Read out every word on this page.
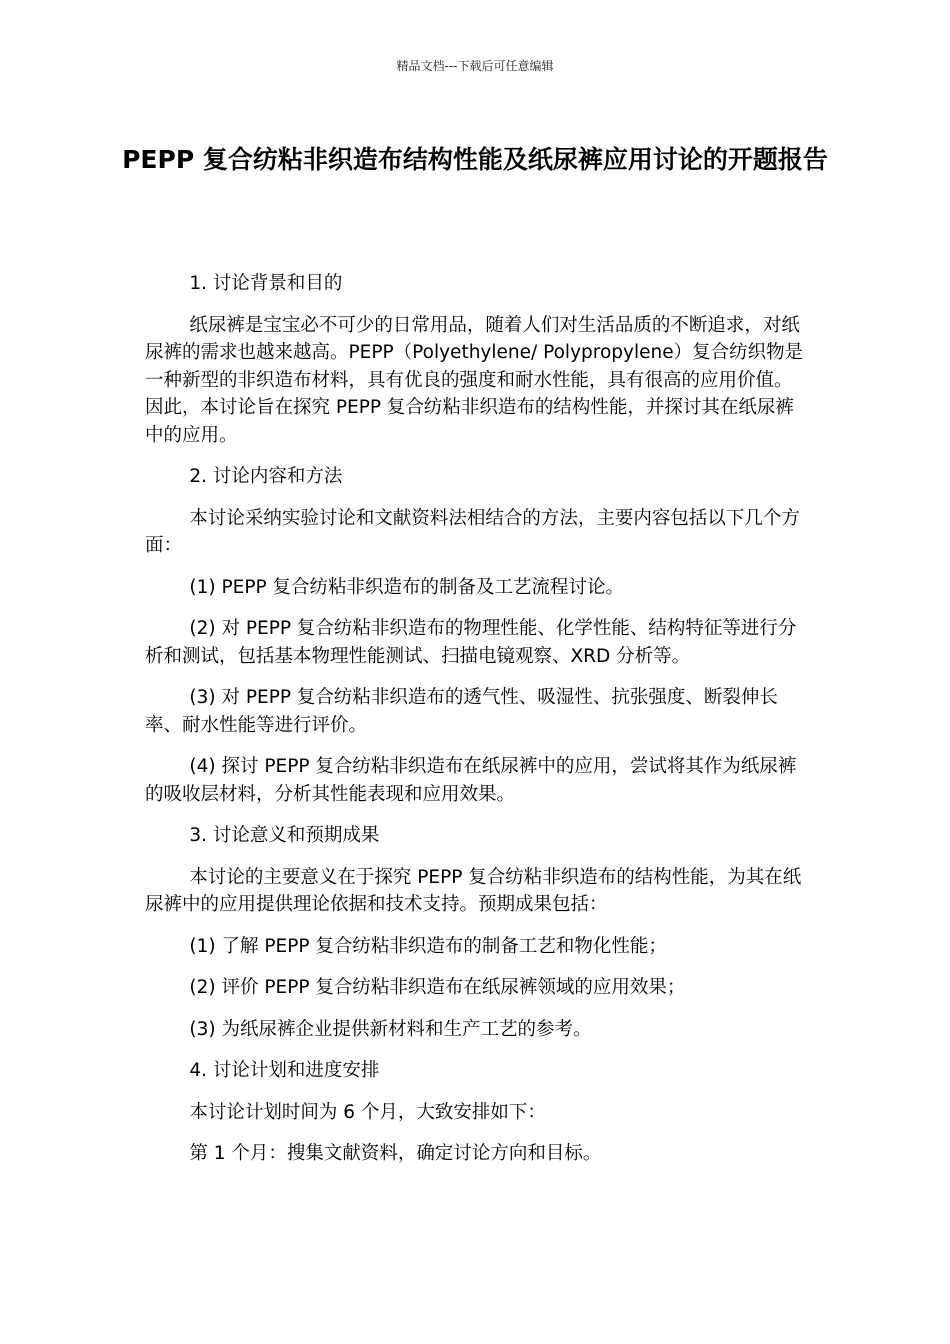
精品文档---下载后可任意编辑
PEPP 复合纺粘非织造布结构性能及纸尿裤应用讨论的开题报告

1. 讨论背景和目的

纸尿裤是宝宝必不可少的日常用品，随着人们对生活品质的不断追求，对纸尿裤的需求也越来越高。PEPP（Polyethylene/ Polypropylene）复合纺织物是一种新型的非织造布材料，具有优良的强度和耐水性能，具有很高的应用价值。因此，本讨论旨在探究 PEPP 复合纺粘非织造布的结构性能，并探讨其在纸尿裤中的应用。

2. 讨论内容和方法

本讨论采纳实验讨论和文献资料法相结合的方法，主要内容包括以下几个方面：

(1) PEPP 复合纺粘非织造布的制备及工艺流程讨论。

(2) 对 PEPP 复合纺粘非织造布的物理性能、化学性能、结构特征等进行分析和测试，包括基本物理性能测试、扫描电镜观察、XRD 分析等。

(3) 对 PEPP 复合纺粘非织造布的透气性、吸湿性、抗张强度、断裂伸长率、耐水性能等进行评价。

(4) 探讨 PEPP 复合纺粘非织造布在纸尿裤中的应用，尝试将其作为纸尿裤的吸收层材料，分析其性能表现和应用效果。

3. 讨论意义和预期成果

本讨论的主要意义在于探究 PEPP 复合纺粘非织造布的结构性能，为其在纸尿裤中的应用提供理论依据和技术支持。预期成果包括：

(1) 了解 PEPP 复合纺粘非织造布的制备工艺和物化性能；

(2) 评价 PEPP 复合纺粘非织造布在纸尿裤领域的应用效果；

(3) 为纸尿裤企业提供新材料和生产工艺的参考。

4. 讨论计划和进度安排

本讨论计划时间为 6 个月，大致安排如下：

第 1 个月：搜集文献资料，确定讨论方向和目标。
